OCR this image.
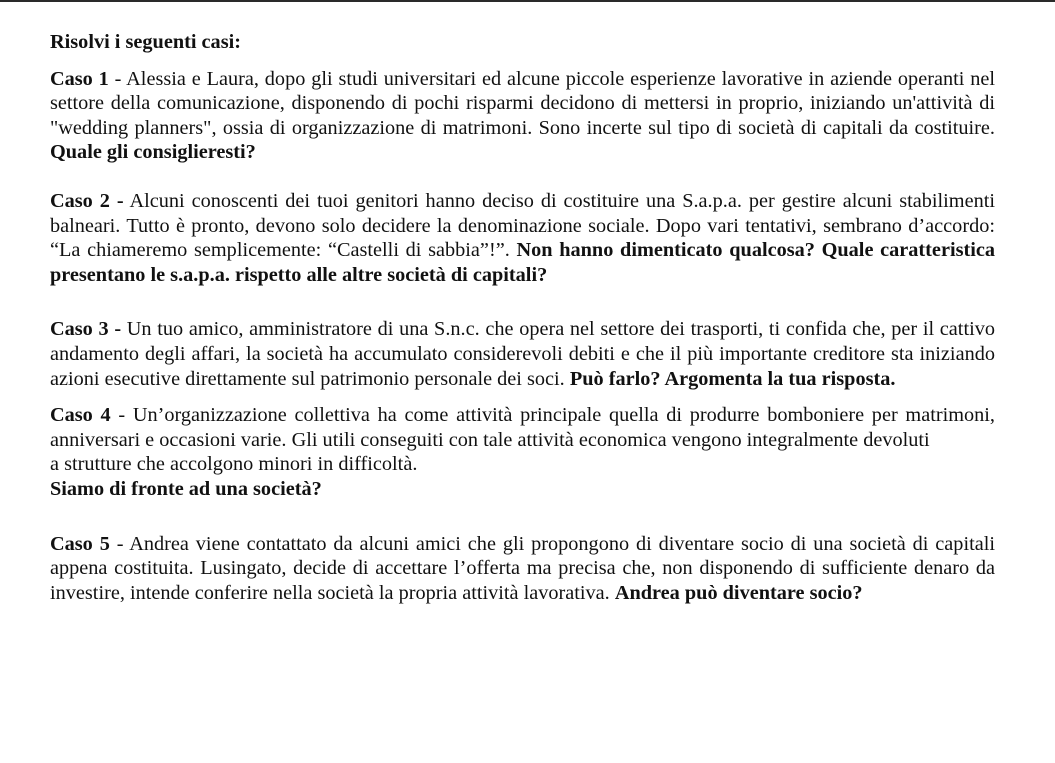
Risolvi i seguenti casi:

Caso 1 - Alessia e Laura, dopo gli studi universitari ed alcune piccole esperienze lavorative in aziende operanti nel settore della comunicazione, disponendo di pochi risparmi decidono di mettersi in proprio, iniziando un'attività di "wedding planners", ossia di organizzazione di matrimoni. Sono incerte sul tipo di società di capitali da costituire. Quale gli consiglieresti?

Caso 2 - Alcuni conoscenti dei tuoi genitori hanno deciso di costituire una S.a.p.a. per gestire alcuni stabilimenti balneari. Tutto è pronto, devono solo decidere la denominazione sociale. Dopo vari tentativi, sembrano d’accordo: “La chiameremo semplicemente: “Castelli di sabbia”!”. Non hanno dimenticato qualcosa? Quale caratteristica presentano le s.a.p.a. rispetto alle altre società di capitali?

Caso 3 - Un tuo amico, amministratore di una S.n.c. che opera nel settore dei trasporti, ti confida che, per il cattivo andamento degli affari, la società ha accumulato considerevoli debiti e che il più importante creditore sta iniziando azioni esecutive direttamente sul patrimonio personale dei soci. Può farlo? Argomenta la tua risposta.

Caso 4 - Un’organizzazione collettiva ha come attività principale quella di produrre bomboniere per matrimoni, anniversari e occasioni varie. Gli utili conseguiti con tale attività economica vengono integralmente devoluti
a strutture che accolgono minori in difficoltà.
Siamo di fronte ad una società?

Caso 5 - Andrea viene contattato da alcuni amici che gli propongono di diventare socio di una società di capitali appena costituita. Lusingato, decide di accettare l’offerta ma precisa che, non disponendo di sufficiente denaro da investire, intende conferire nella società la propria attività lavorativa. Andrea può diventare socio?
